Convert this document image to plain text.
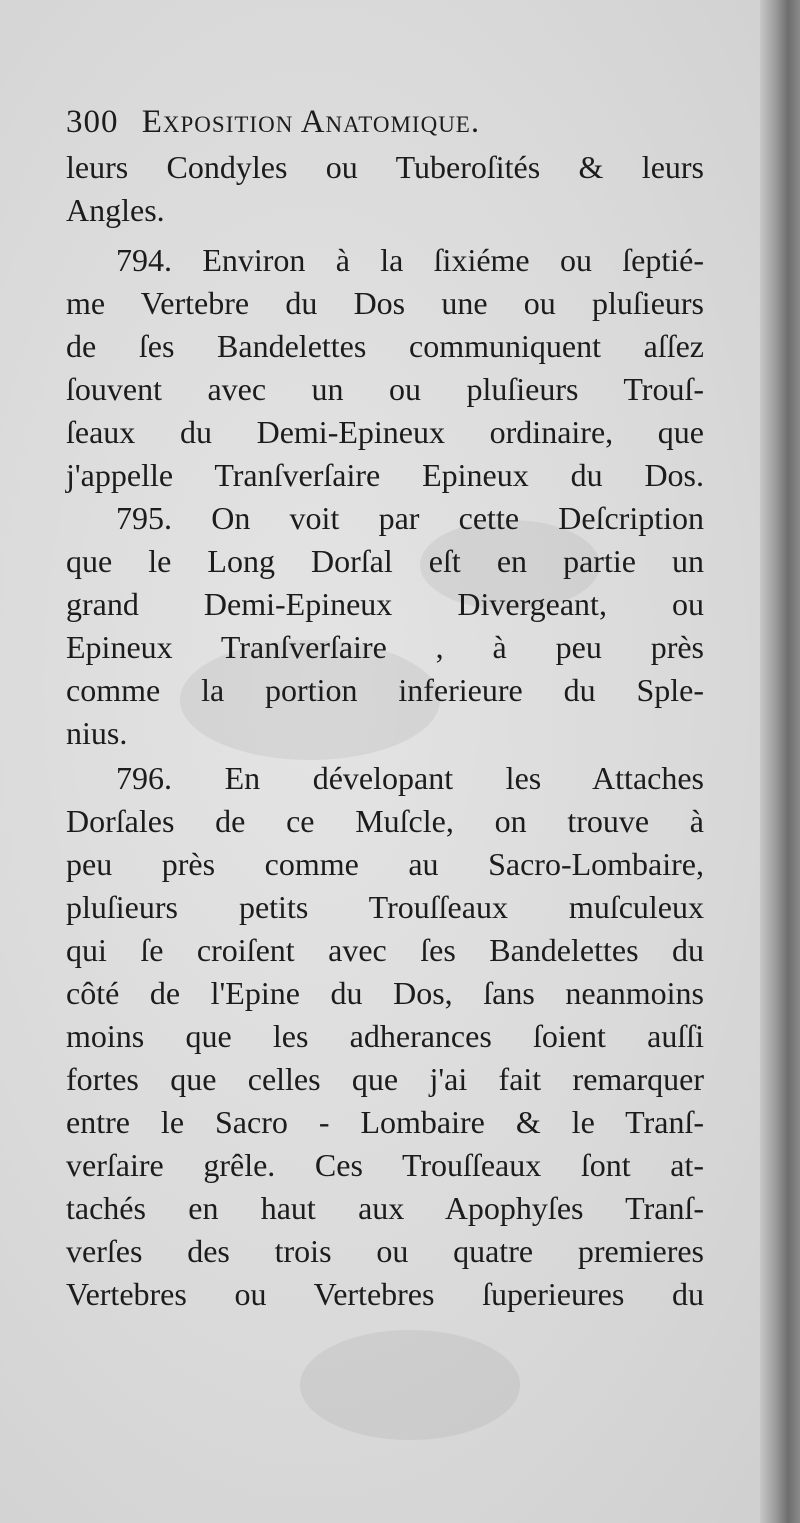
300 Exposition Anatomique.
leurs Condyles ou Tuberoſités & leurs
Angles.
794. Environ à la ſixiéme ou ſeptié-
me Vertebre du Dos une ou pluſieurs
de ſes Bandelettes communiquent aſſez
ſouvent avec un ou pluſieurs Trouſ-
ſeaux du Demi-Epineux ordinaire, que
j'appelle Tranſverſaire Epineux du Dos.
795. On voit par cette Deſcription
que le Long Dorſal eſt en partie un
grand Demi-Epineux Divergeant, ou
Epineux Tranſverſaire , à peu près
comme la portion inferieure du Sple-
nius.
796. En dévelopant les Attaches
Dorſales de ce Muſcle, on trouve à
peu près comme au Sacro-Lombaire,
pluſieurs petits Trouſſeaux muſculeux
qui ſe croiſent avec ſes Bandelettes du
côté de l'Epine du Dos, ſans neanmoins
moins que les adherances ſoient auſſi
fortes que celles que j'ai fait remarquer
entre le Sacro - Lombaire & le Tranſ-
verſaire grêle. Ces Trouſſeaux ſont at-
tachés en haut aux Apophyſes Tranſ-
verſes des trois ou quatre premieres
Vertebres ou Vertebres ſuperieures du
